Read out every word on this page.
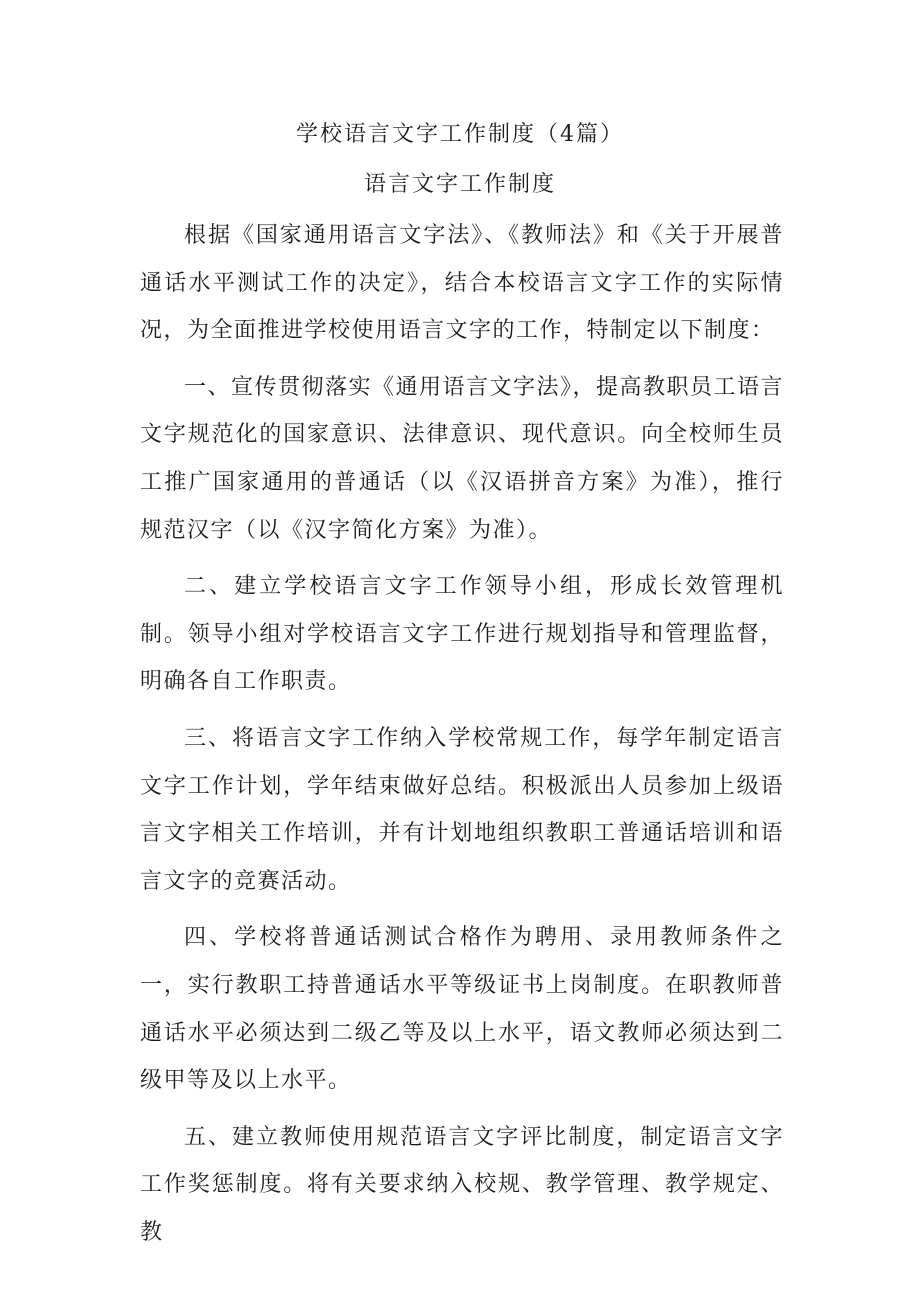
学校语言文字工作制度（4篇）
语言文字工作制度

根据《国家通用语言文字法》、《教师法》和《关于开展普通话水平测试工作的决定》，结合本校语言文字工作的实际情况，为全面推进学校使用语言文字的工作，特制定以下制度：

一、宣传贯彻落实《通用语言文字法》，提高教职员工语言文字规范化的国家意识、法律意识、现代意识。向全校师生员工推广国家通用的普通话（以《汉语拼音方案》为准），推行规范汉字（以《汉字简化方案》为准）。

二、建立学校语言文字工作领导小组，形成长效管理机制。领导小组对学校语言文字工作进行规划指导和管理监督，明确各自工作职责。

三、将语言文字工作纳入学校常规工作，每学年制定语言文字工作计划，学年结束做好总结。积极派出人员参加上级语言文字相关工作培训，并有计划地组织教职工普通话培训和语言文字的竞赛活动。

四、学校将普通话测试合格作为聘用、录用教师条件之一，实行教职工持普通话水平等级证书上岗制度。在职教师普通话水平必须达到二级乙等及以上水平，语文教师必须达到二级甲等及以上水平。

五、建立教师使用规范语言文字评比制度，制定语言文字工作奖惩制度。将有关要求纳入校规、教学管理、教学规定、教
